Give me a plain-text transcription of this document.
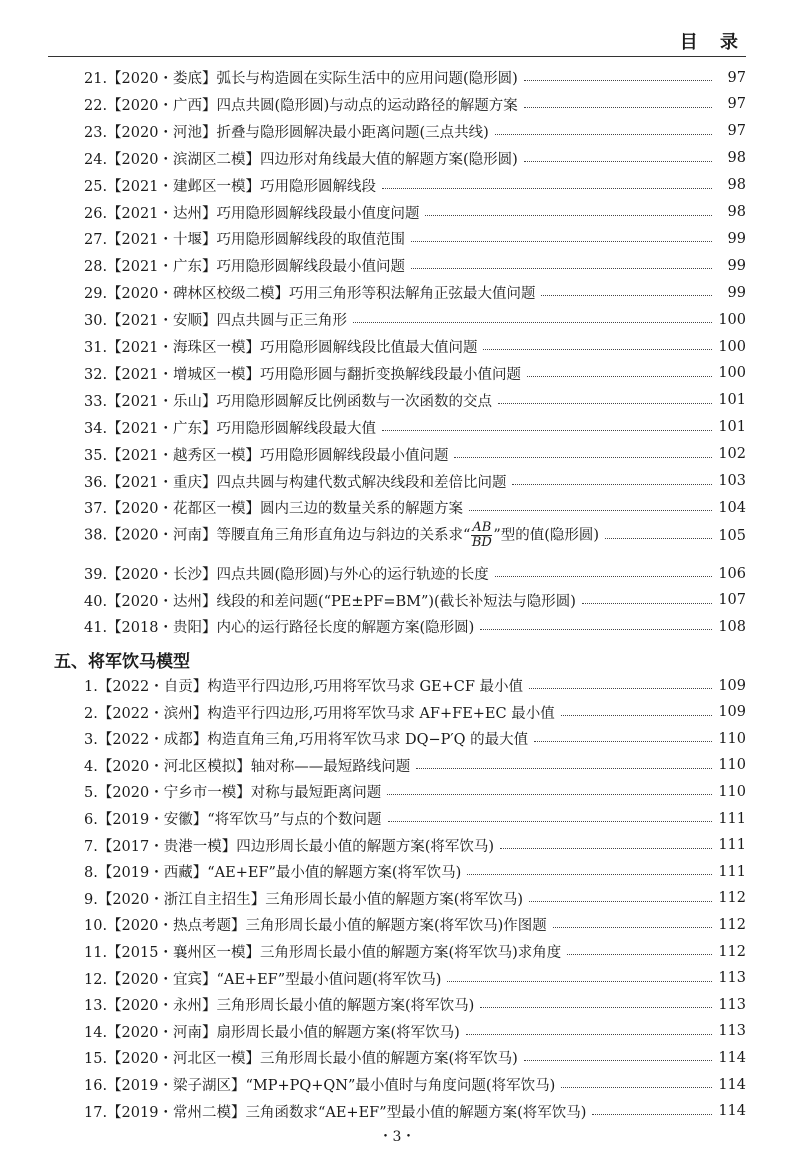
目 录
21.【2020・娄底】弧长与构造圆在实际生活中的应用问题(隐形圆)	97
22.【2020・广西】四点共圆(隐形圆)与动点的运动路径的解题方案	97
23.【2020・河池】折叠与隐形圆解决最小距离问题(三点共线)	97
24.【2020・滨湖区二模】四边形对角线最大值的解题方案(隐形圆)	98
25.【2021・建邺区一模】巧用隐形圆解线段	98
26.【2021・达州】巧用隐形圆解线段最小值度问题	98
27.【2021・十堰】巧用隐形圆解线段的取值范围	99
28.【2021・广东】巧用隐形圆解线段最小值问题	99
29.【2020・碑林区校级二模】巧用三角形等积法解角正弦最大值问题	99
30.【2021・安顺】四点共圆与正三角形	100
31.【2021・海珠区一模】巧用隐形圆解线段比值最大值问题	100
32.【2021・增城区一模】巧用隐形圆与翻折变换解线段最小值问题	100
33.【2021・乐山】巧用隐形圆解反比例函数与一次函数的交点	101
34.【2021・广东】巧用隐形圆解线段最大值	101
35.【2021・越秀区一模】巧用隐形圆解线段最小值问题	102
36.【2021・重庆】四点共圆与构建代数式解决线段和差倍比问题	103
37.【2020・花都区一模】圆内三边的数量关系的解题方案	104
38.【2020・河南】等腰直角三角形直角边与斜边的关系求“ $\frac{AB}{BD}$ ”型的值(隐形圆)	105
39.【2020・长沙】四点共圆(隐形圆)与外心的运行轨迹的长度	106
40.【2020・达州】线段的和差问题(“PE±PF=BM”)(截长补短法与隐形圆)	107
41.【2018・贵阳】内心的运行路径长度的解题方案(隐形圆)	108
五、将军饮马模型
1.【2022・自贡】构造平行四边形,巧用将军饮马求 GE+CF 最小值	109
2.【2022・滨州】构造平行四边形,巧用将军饮马求 AF+FE+EC 最小值	109
3.【2022・成都】构造直角三角,巧用将军饮马求 DQ−P′Q 的最大值	110
4.【2020・河北区模拟】轴对称——最短路线问题	110
5.【2020・宁乡市一模】对称与最短距离问题	110
6.【2019・安徽】“将军饮马”与点的个数问题	111
7.【2017・贵港一模】四边形周长最小值的解题方案(将军饮马)	111
8.【2019・西藏】“AE+EF”最小值的解题方案(将军饮马)	111
9.【2020・浙江自主招生】三角形周长最小值的解题方案(将军饮马)	112
10.【2020・热点考题】三角形周长最小值的解题方案(将军饮马)作图题	112
11.【2015・襄州区一模】三角形周长最小值的解题方案(将军饮马)求角度	112
12.【2020・宜宾】“AE+EF”型最小值问题(将军饮马)	113
13.【2020・永州】三角形周长最小值的解题方案(将军饮马)	113
14.【2020・河南】扇形周长最小值的解题方案(将军饮马)	113
15.【2020・河北区一模】三角形周长最小值的解题方案(将军饮马)	114
16.【2019・梁子湖区】“MP+PQ+QN”最小值时与角度问题(将军饮马)	114
17.【2019・常州二模】三角函数求“AE+EF”型最小值的解题方案(将军饮马)	114
・3・
